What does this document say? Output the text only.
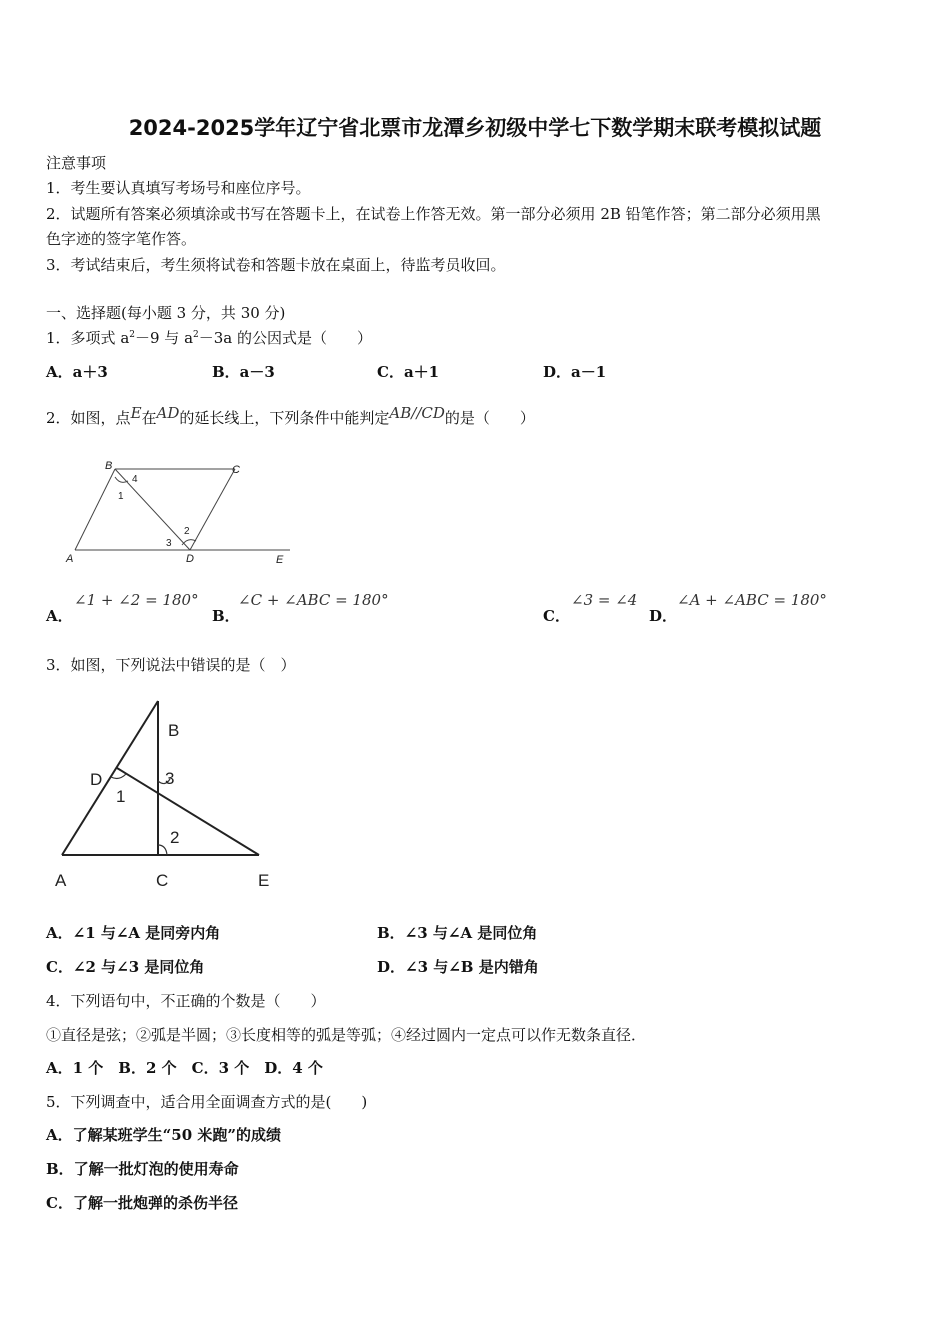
2024-2025学年辽宁省北票市龙潭乡初级中学七下数学期末联考模拟试题
注意事项
1．考生要认真填写考场号和座位序号。
2．试题所有答案必须填涂或书写在答题卡上，在试卷上作答无效。第一部分必须用 2B 铅笔作答；第二部分必须用黑
色字迹的签字笔作答。
3．考试结束后，考生须将试卷和答题卡放在桌面上，待监考员收回。
一、选择题(每小题 3 分，共 30 分)
1．多项式 $a^2-9$ 与 $a^2-3a$ 的公因式是（　　）
A．a＋3	B．a－3	C．a＋1	D．a－1
2．如图，点E在AD的延长线上，下列条件中能判定AB//CD的是（　　）
B	C
A	D	E
1
2
3
4
A．
∠1 + ∠2 = 180°
B．
∠C + ∠ABC = 180°
C．
∠3 = ∠4
D．
∠A + ∠ABC = 180°
3．如图，下列说法中错误的是（　）
B
D
A	C	E
1
2
3
A．∠1 与∠A 是同旁内角	B．∠3 与∠A 是同位角
C．∠2 与∠3 是同位角	D．∠3 与∠B 是内错角
4．下列语句中，不正确的个数是（　　）
①直径是弦；②弧是半圆；③长度相等的弧是等弧；④经过圆内一定点可以作无数条直径．
A．1 个　B．2 个　C．3 个　D．4 个
5．下列调查中，适合用全面调查方式的是(　　)
A．了解某班学生“50 米跑”的成绩
B．了解一批灯泡的使用寿命
C．了解一批炮弹的杀伤半径
